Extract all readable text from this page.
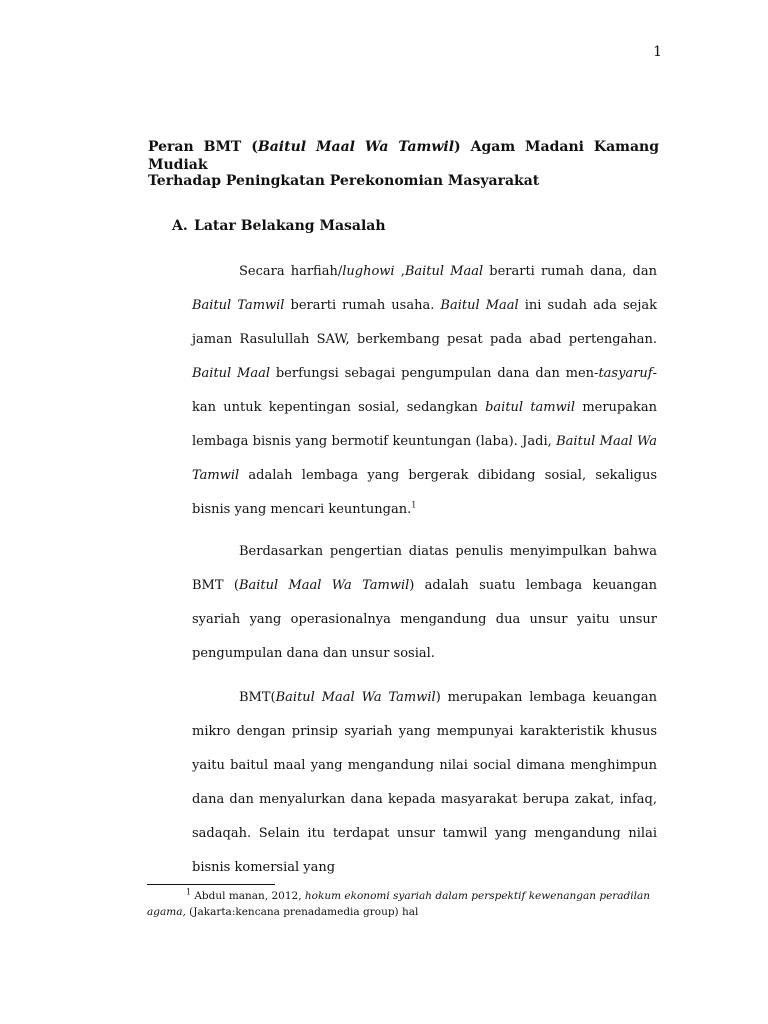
1
Peran BMT (Baitul Maal Wa Tamwil) Agam Madani Kamang Mudiak
Terhadap Peningkatan Perekonomian Masyarakat
A. Latar Belakang Masalah

Secara harfiah/lughowi ,Baitul Maal berarti rumah dana, dan Baitul Tamwil berarti rumah usaha. Baitul Maal ini sudah ada sejak jaman Rasulullah SAW, berkembang pesat pada abad pertengahan. Baitul Maal berfungsi sebagai pengumpulan dana dan men-tasyaruf-kan untuk kepentingan sosial, sedangkan baitul tamwil merupakan lembaga bisnis yang bermotif keuntungan (laba). Jadi, Baitul Maal Wa Tamwil adalah lembaga yang bergerak dibidang sosial, sekaligus bisnis yang mencari keuntungan.$^1$

Berdasarkan pengertian diatas penulis menyimpulkan bahwa BMT (Baitul Maal Wa Tamwil) adalah suatu lembaga keuangan syariah yang operasionalnya mengandung dua unsur yaitu unsur pengumpulan dana dan unsur sosial.

BMT(Baitul Maal Wa Tamwil) merupakan lembaga keuangan mikro dengan prinsip syariah yang mempunyai karakteristik khusus yaitu baitul maal yang mengandung nilai social dimana menghimpun dana dan menyalurkan dana kepada masyarakat berupa zakat, infaq, sadaqah. Selain itu terdapat unsur tamwil yang mengandung nilai bisnis komersial yang

$^1$ Abdul manan, 2012, hokum ekonomi syariah dalam perspektif kewenangan peradilan agama, (Jakarta:kencana prenadamedia group) hal
